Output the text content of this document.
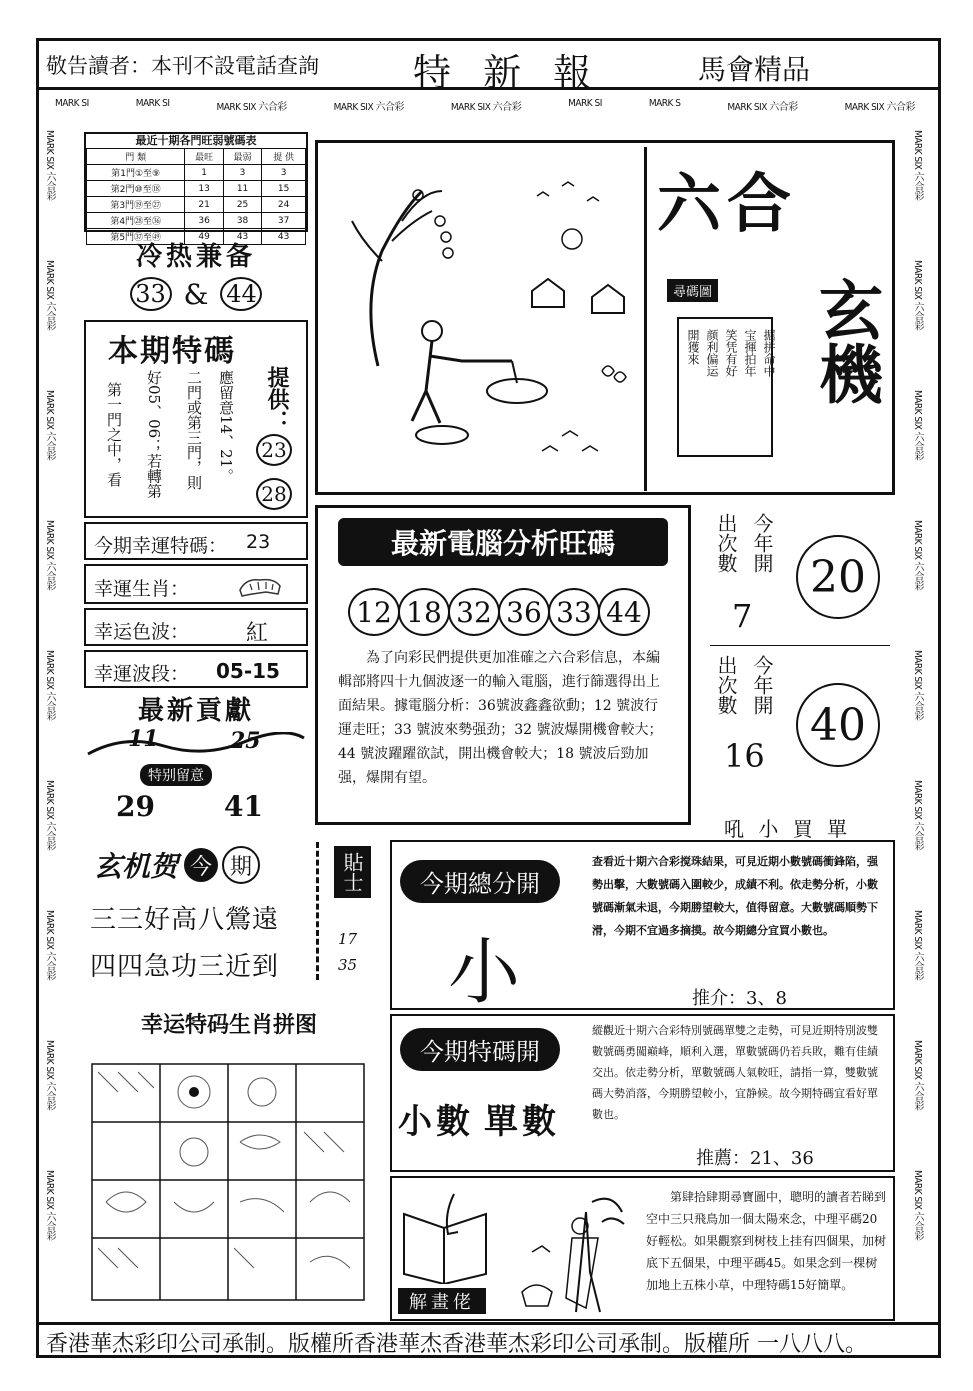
敬告讀者：本刊不設電話查詢 特 新 報	馬會精品
MARK SI	MARK SI	MARK SIX 六合彩	MARK SIX 六合彩	MARK SIX 六合彩	MARK SI	MARK S	MARK SIX 六合彩	MARK SIX 六合彩
MARK SIX 六合彩
MARK SIX 六合彩
MARK SIX 六合彩
MARK SIX 六合彩
MARK SIX 六合彩
MARK SIX 六合彩
MARK SIX 六合彩
MARK SIX 六合彩
MARK SIX 六合彩
MARK SIX 六合彩
MARK SIX 六合彩
MARK SIX 六合彩
MARK SIX 六合彩
MARK SIX 六合彩
MARK SIX 六合彩
MARK SIX 六合彩
MARK SIX 六合彩
MARK SIX 六合彩
最近十期各門旺弱號碼表
門 類	最旺	最弱	提 供
第1門①至⑨	1	3	3
第2門⑩至⑱	13	11	15
第3門⑲至㉗	21	25	24
第4門㉘至㊱	36	38	37
第5門㊲至㊾	49	43	43
冷热兼备
33 & 44
本期特碼
第一門之中，看 好05、06；若轉第 二門或第三門，則 應留意14、21。 提供：
23
28
今期幸運特碼： 23
幸運生肖：
幸运色波：	紅
幸運波段： 05-15
最新貢獻
11	25
特别留意
29 41
六合
玄機
尋碼圖
掘拼命中
宝揮拍年
笑凭有好
颜利偏运
開獲來
最新電腦分析旺碼
12 18 32 36 33 44
為了向彩民們提供更加准確之六合彩信息，本編輯部將四十九個波逐一的輸入電腦，進行篩選得出上面結果。據電腦分析：36號波鑫鑫欲動；12 號波行運走旺；33 號波來勢强劲；32 號波爆開機會較大；44 號波躍躍欲試，開出機會較大；18 號波后勁加强，爆開有望。
出次數 今年開
7
20
出次數 今年開
16
40
吼 小 買 單
玄机贺 今 期
三三好高八鶯遠
四四急功三近到
貼士
17
35
今期總分開
小
查看近十期六合彩搅珠結果，可見近期小數號碼衝鋒陷，强勢出擊，大數號碼入圍較少，成績不利。依走勢分析，小數號碼漸氣未退，今期勝望較大，值得留意。大數號碼順勢下滑，今期不宜過多摘摸。故今期總分宜買小數也。
推介：3、8
幸运特码生肖拼图
今期特碼開
小數 單數
縱觀近十期六合彩特別號碼單雙之走勢，可見近期特別波雙數號碼勇闖巅峰，順利入選，單數號碼仍若兵敗，難有佳績交出。依走勢分析，單數號碼人氣較旺，請指一算，雙數號碼大勢消落，今期勝望較小，宜静候。故今期特碼宜看好單數也。
推薦：21、36
解畫佬
第肆拾肆期尋寶圖中，聰明的讀者若睇到空中三只飛鳥加一個太陽來念，中理平碼20好輕松。如果觀察到树枝上挂有四個果，加树底下五個果，中理平碼45。如果念到一棵树加地上五株小草，中理特碼15好簡單。
香港華杰彩印公司承制。版權所香港華杰香港華杰彩印公司承制。版權所 一八八八。
